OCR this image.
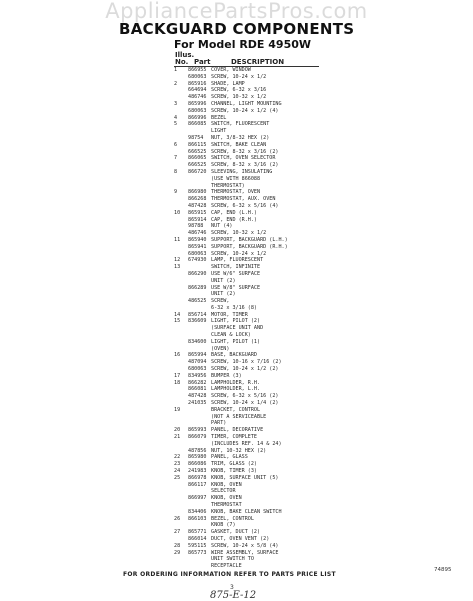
AppliancePartsPros.com
BACKGUARD COMPONENTS
For Model RDE 4950W
Illus.
No. Part	DESCRIPTION
1	866955 COVER, WINDOW
680063 SCREW, 10-24 x 1/2
2	865916 SHADE, LAMP
664694 SCREW, 6-32 x 3/16
486746 SCREW, 10-32 x 1/2
3	865996 CHANNEL, LIGHT MOUNTING
680063 SCREW, 10-24 x 1/2 (4)
4	866996 BEZEL
5	866085 SWITCH, FLUORESCENT
LIGHT
98754	NUT, 3/8-32 HEX (2)
6	866115 SWITCH, BAKE CLEAN
666525 SCREW, 8-32 x 3/16 (2)
7	866065 SWITCH, OVEN SELECTOR
666525 SCREW, 8-32 x 3/16 (2)
8	866720 SLEEVING, INSULATING
(USE WITH 866088
THERMOSTAT)
9	866980 THERMOSTAT, OVEN
866268 THERMOSTAT, AUX. OVEN
487428 SCREW, 6-32 x 5/16 (4)
10	865915 CAP, END (L.H.)
865914 CAP, END (R.H.)
98788	NUT (4)
486746 SCREW, 10-32 x 1/2
11	865940 SUPPORT, BACKGUARD (L.H.)
865941 SUPPORT, BACKGUARD (R.H.)
680063 SCREW, 10-24 x 1/2
12	674930 LAMP, FLUORESCENT
13	SWITCH, INFINITE
866290 USE W/6" SURFACE
UNIT (2)
866289 USE W/8" SURFACE
UNIT (2)
486525 SCREW,
6-32 x 3/16 (8)
14	856714 MOTOR, TIMER
15	836609 LIGHT, PILOT (2)
(SURFACE UNIT AND
CLEAN & LOCK)
834600 LIGHT, PILOT (1)
(OVEN)
16	865994 BASE, BACKGUARD
487094 SCREW, 10-16 x 7/16 (2)
680063 SCREW, 10-24 x 1/2 (2)
17	834956 BUMPER (3)
18	866282 LAMPHOLDER, R.H.
866081 LAMPHOLDER, L.H.
487428 SCREW, 6-32 x 5/16 (2)
241035 SCREW, 10-24 x 1/4 (2)
19	BRACKET, CONTROL
(NOT A SERVICEABLE
PART)
20	865993 PANEL, DECORATIVE
21	866079 TIMER, COMPLETE
(INCLUDES REF. 14 & 24)
487856 NUT, 10-32 HEX (2)
22	865980 PANEL, GLASS
23	866086 TRIM, GLASS (2)
24	241983 KNOB, TIMER (3)
25	866978 KNOB, SURFACE UNIT (5)
866117 KNOB, OVEN
SELECTOR
866997 KNOB, OVEN
THERMOSTAT
834406 KNOB, BAKE CLEAN SWITCH
26	866103 BEZEL, CONTROL
KNOB (7)
27	865771 GASKET, DUCT (2)
866014 DUCT, OVEN VENT (2)
28	595115 SCREW, 10-24 x 5/8 (4)
29	865773 WIRE ASSEMBLY, SURFACE
UNIT SWITCH TO
RECEPTACLE

FOR ORDERING INFORMATION REFER TO PARTS PRICE LIST

74895
3
875-E-12
